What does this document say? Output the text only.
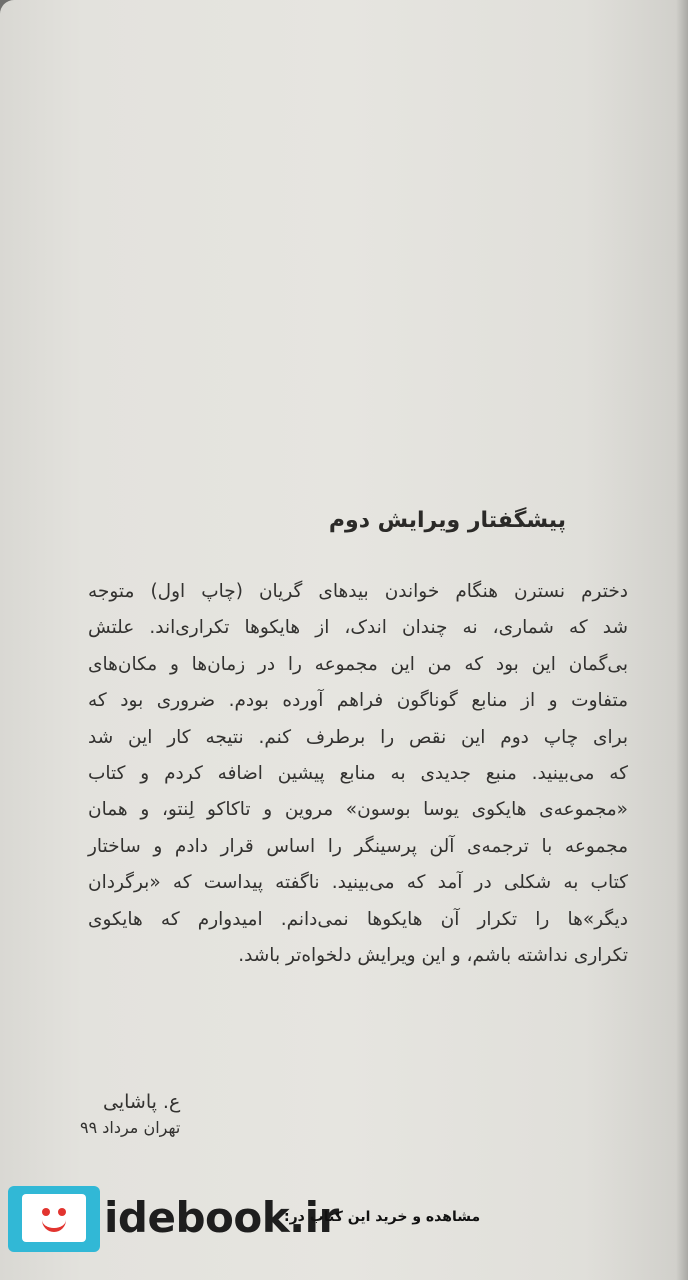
پیشگفتار ویرایش دوم
دخترم نسترن هنگام خواندن بیدهای گریان (چاپ اول) متوجه
شد که شماری، نه چندان اندک، از هایکوها تکراری‌اند. علتش
بی‌گمان این بود که من این مجموعه را در زمان‌ها و مکان‌های
متفاوت و از منابع گوناگون فراهم آورده بودم. ضروری بود که
برای چاپ دوم این نقص را برطرف کنم. نتیجه کار این شد
که می‌بینید. منبع جدیدی به منابع پیشین اضافه کردم و کتاب
«مجموعه‌ی هایکوی یوسا بوسون» مروین و تاکاکو لِنتو، و همان
مجموعه با ترجمه‌ی آلن پرسینگر را اساس قرار دادم و ساختار
کتاب به شکلی در آمد که می‌بینید. ناگفته پیداست که «برگردان
دیگر»ها را تکرار آن هایکوها نمی‌دانم. امیدوارم که هایکوی
تکراری نداشته باشم، و این ویرایش دلخواه‌تر باشد.
ع. پاشایی
تهران مرداد ۹۹
idebook.ir
مشاهده و خرید این کتاب در:
